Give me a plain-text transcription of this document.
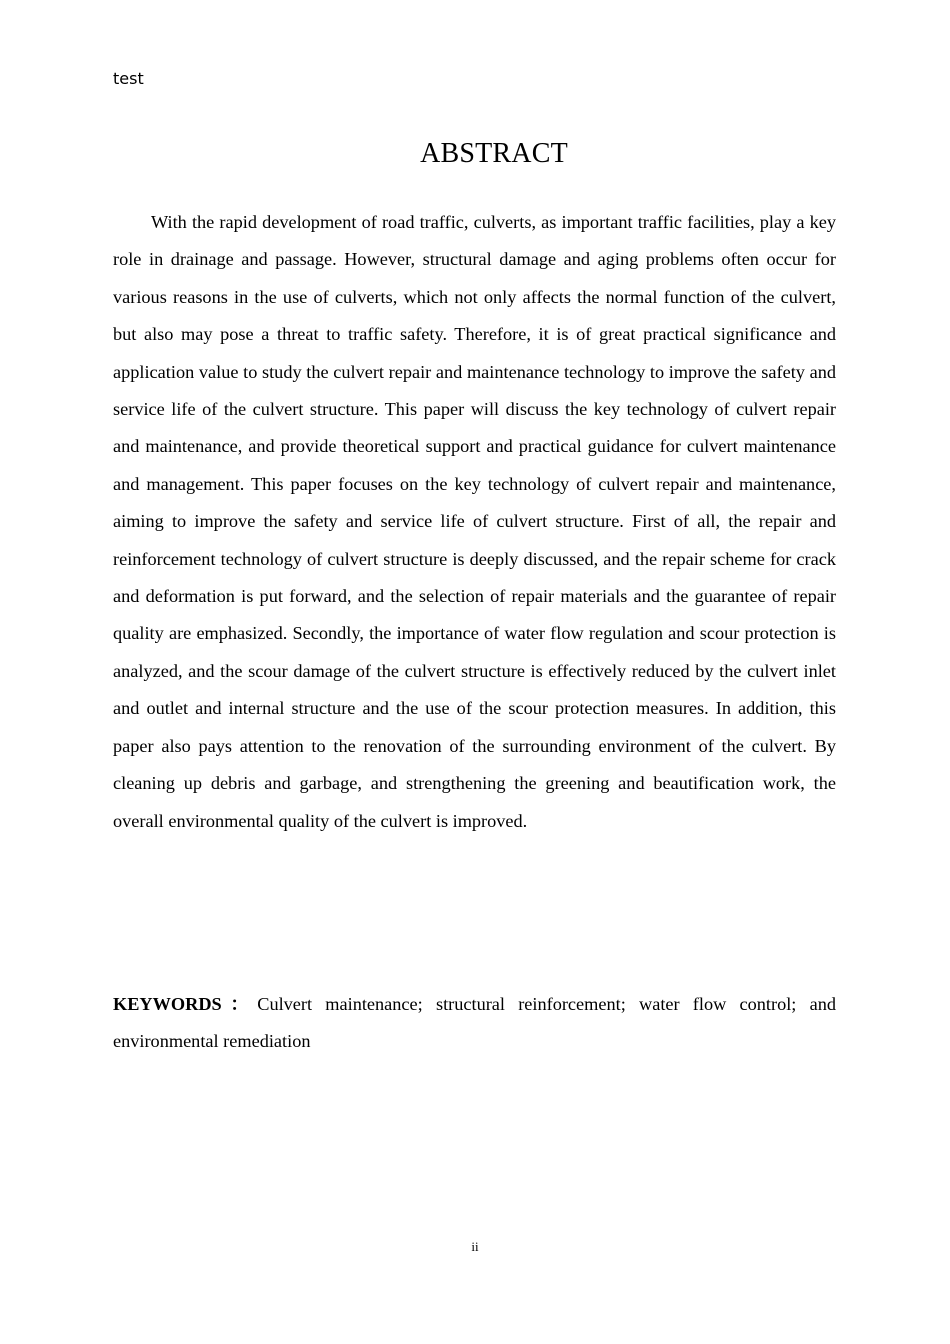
test
ABSTRACT

With the rapid development of road traffic, culverts, as important traffic facilities, play a key role in drainage and passage. However, structural damage and aging problems often occur for various reasons in the use of culverts, which not only affects the normal function of the culvert, but also may pose a threat to traffic safety. Therefore, it is of great practical significance and application value to study the culvert repair and maintenance technology to improve the safety and service life of the culvert structure. This paper will discuss the key technology of culvert repair and maintenance, and provide theoretical support and practical guidance for culvert maintenance and management. This paper focuses on the key technology of culvert repair and maintenance, aiming to improve the safety and service life of culvert structure. First of all, the repair and reinforcement technology of culvert structure is deeply discussed, and the repair scheme for crack and deformation is put forward, and the selection of repair materials and the guarantee of repair quality are emphasized. Secondly, the importance of water flow regulation and scour protection is analyzed, and the scour damage of the culvert structure is effectively reduced by the culvert inlet and outlet and internal structure and the use of the scour protection measures. In addition, this paper also pays attention to the renovation of the surrounding environment of the culvert. By cleaning up debris and garbage, and strengthening the greening and beautification work, the overall environmental quality of the culvert is improved.

KEYWORDS：Culvert maintenance; structural reinforcement; water flow control; and environmental remediation

ii
